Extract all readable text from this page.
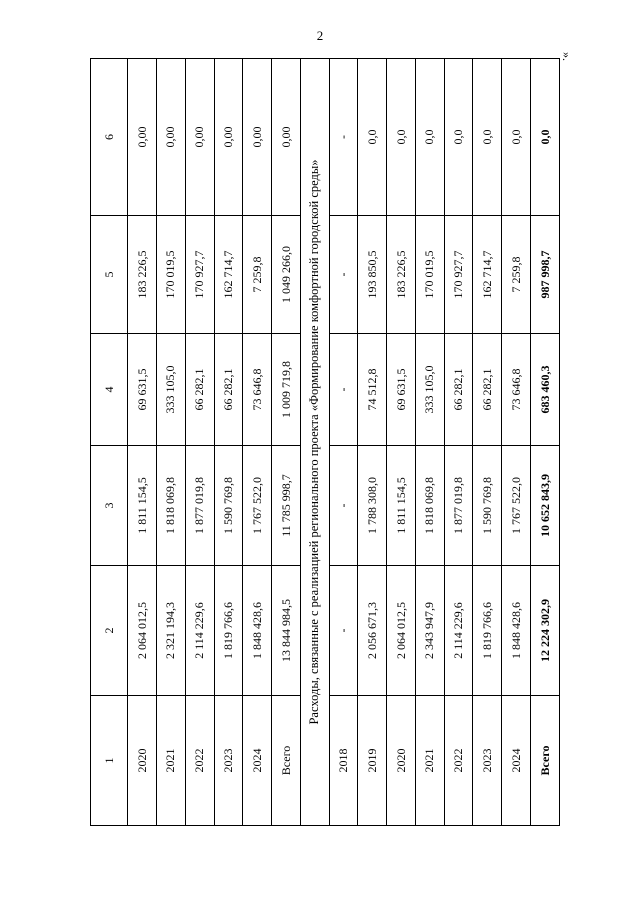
2
».
1	2	3	4	5	6
2020	2 064 012,5	1 811 154,5	69 631,5	183 226,5	0,00
2021	2 321 194,3	1 818 069,8	333 105,0	170 019,5	0,00
2022	2 114 229,6	1 877 019,8	66 282,1	170 927,7	0,00
2023	1 819 766,6	1 590 769,8	66 282,1	162 714,7	0,00
2024	1 848 428,6	1 767 522,0	73 646,8	7 259,8	0,00
Всего	13 844 984,5	11 785 998,7	1 009 719,8	1 049 266,0	0,00
Расходы, связанные с реализацией регионального проекта «Формирование комфортной городской среды»					
2018	-	-	-	-	-
2019	2 056 671,3	1 788 308,0	74 512,8	193 850,5	0,0
2020	2 064 012,5	1 811 154,5	69 631,5	183 226,5	0,0
2021	2 343 947,9	1 818 069,8	333 105,0	170 019,5	0,0
2022	2 114 229,6	1 877 019,8	66 282,1	170 927,7	0,0
2023	1 819 766,6	1 590 769,8	66 282,1	162 714,7	0,0
2024	1 848 428,6	1 767 522,0	73 646,8	7 259,8	0,0
Всего	12 224 302,9	10 652 843,9	683 460,3	987 998,7	0,0
